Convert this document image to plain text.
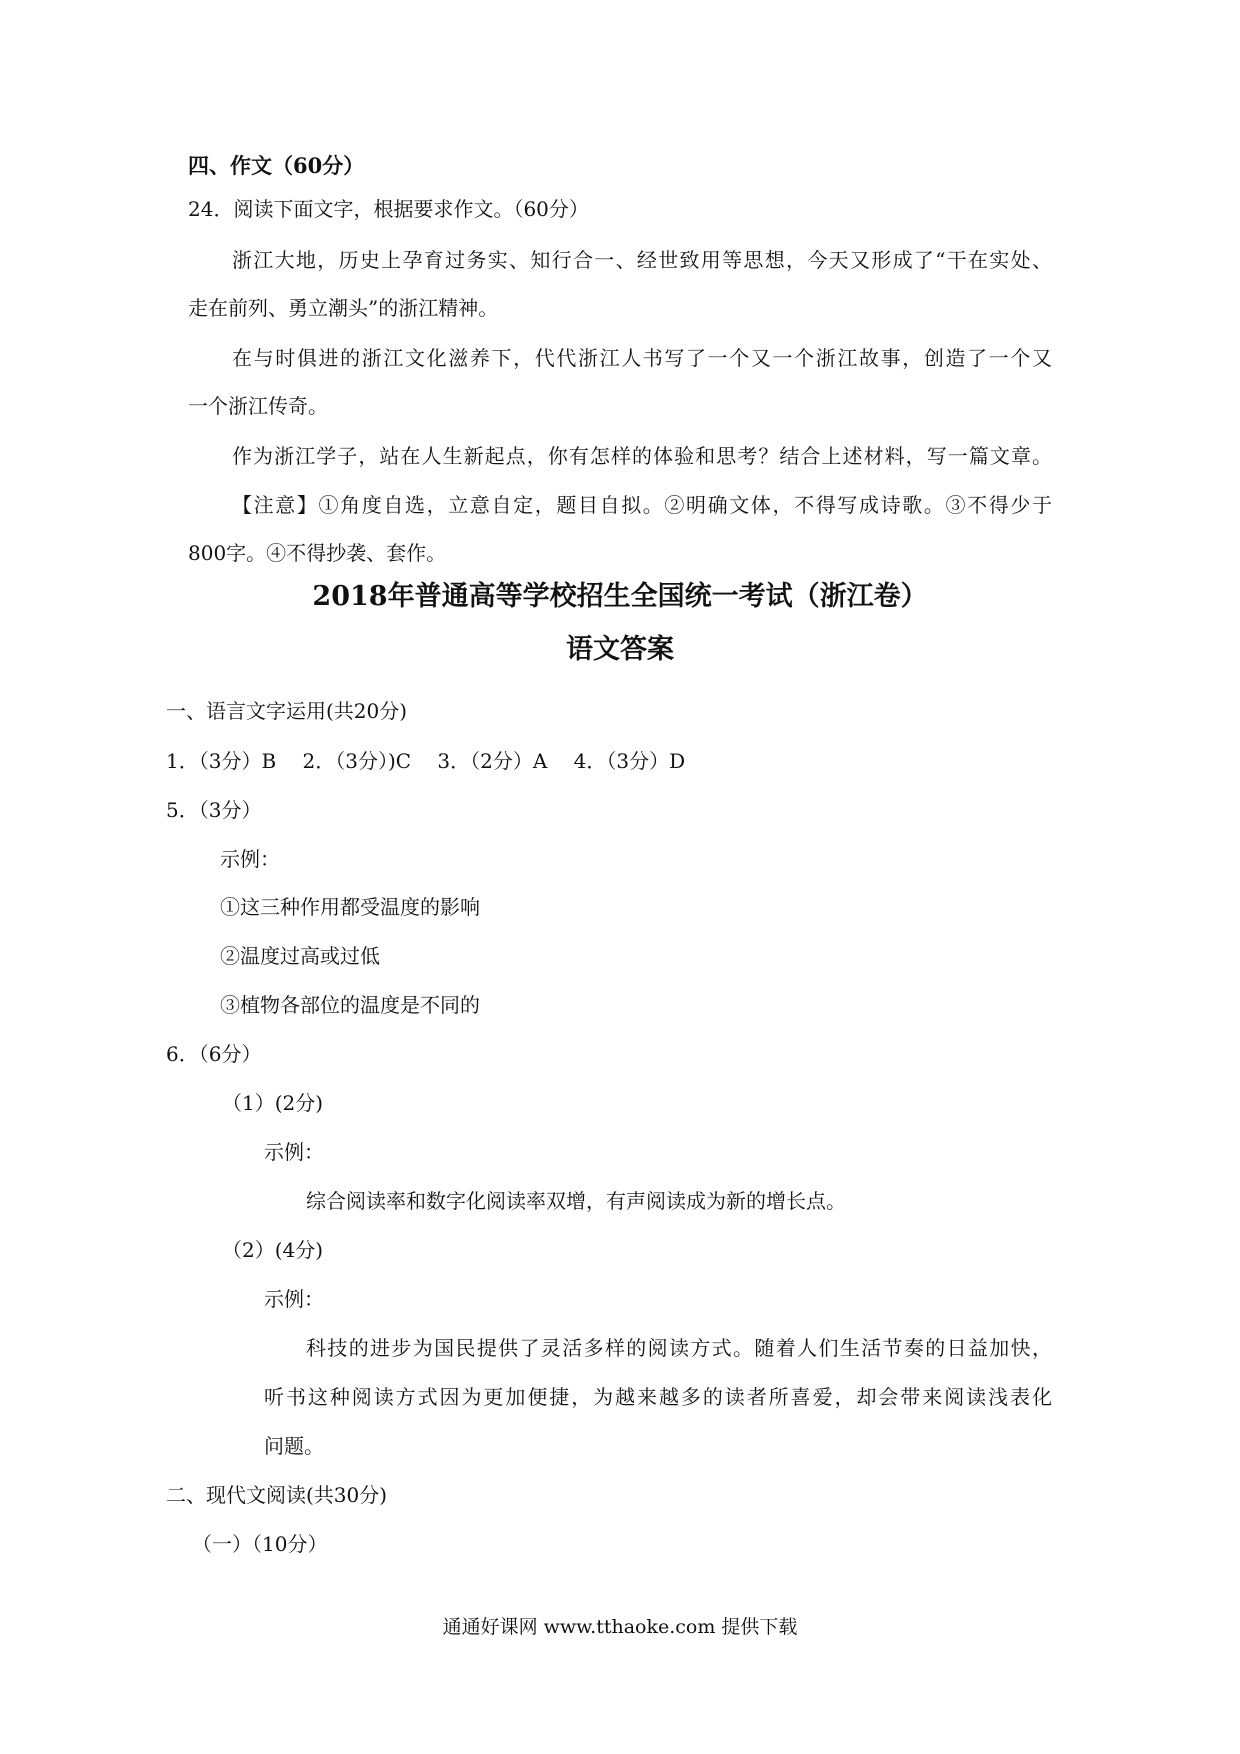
四、作文（60分）
24．阅读下面文字，根据要求作文。（60分）
浙江大地，历史上孕育过务实、知行合一、经世致用等思想，今天又形成了“干在实处、
走在前列、勇立潮头”的浙江精神。
在与时俱进的浙江文化滋养下，代代浙江人书写了一个又一个浙江故事，创造了一个又
一个浙江传奇。
作为浙江学子，站在人生新起点，你有怎样的体验和思考？结合上述材料，写一篇文章。
【注意】①角度自选，立意自定，题目自拟。②明确文体，不得写成诗歌。③不得少于
800字。④不得抄袭、套作。
2018年普通高等学校招生全国统一考试（浙江卷）
语文答案
一、语言文字运用(共20分)
1．（3分）B　 2．（3分）)C　 3．（2分）A　 4．（3分）D
5．（3分）
示例：
①这三种作用都受温度的影响
②温度过高或过低
③植物各部位的温度是不同的
6．（6分）
（1）(2分)
示例：
综合阅读率和数字化阅读率双增，有声阅读成为新的增长点。
（2）(4分)
示例：
科技的进步为国民提供了灵活多样的阅读方式。随着人们生活节奏的日益加快，
听书这种阅读方式因为更加便捷，为越来越多的读者所喜爱，却会带来阅读浅表化
问题。
二、现代文阅读(共30分)
（一）（10分）
通通好课网 www.tthaoke.com 提供下载
